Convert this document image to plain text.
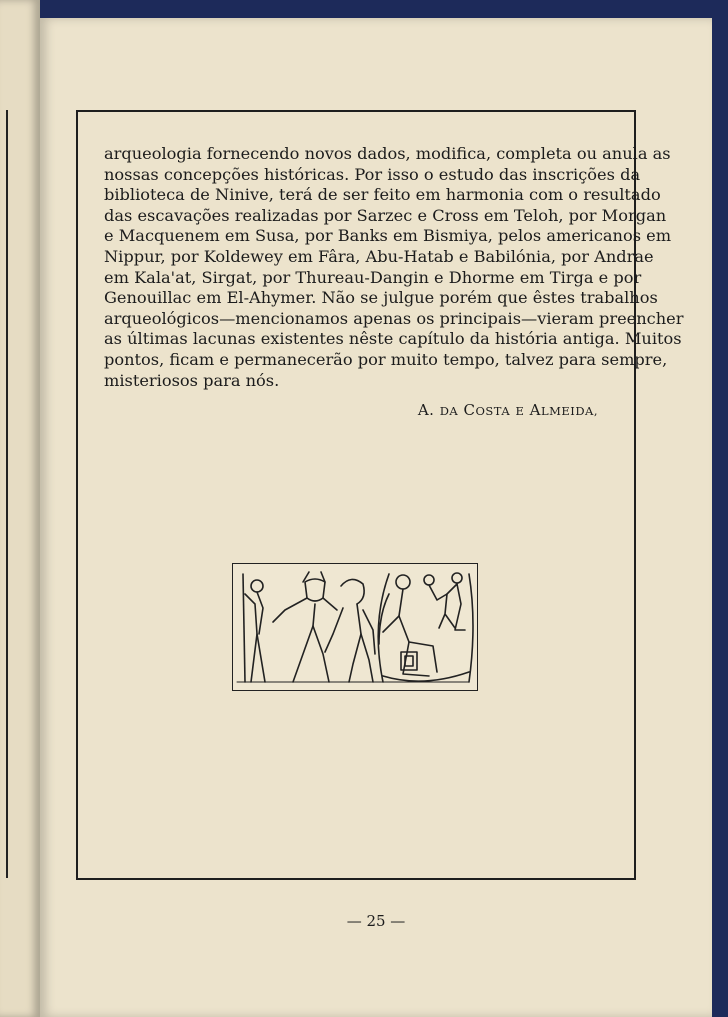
arqueologia fornecendo novos dados, modifica, completa ou anula as
nossas concepções históricas. Por isso o estudo das inscrições da
biblioteca de Ninive, terá de ser feito em harmonia com o resultado
das escavações realizadas por Sarzec e Cross em Teloh, por Morgan
e Macquenem em Susa, por Banks em Bismiya, pelos americanos em
Nippur, por Koldewey em Fâra, Abu-Hatab e Babilónia, por Andrae
em Kala'at, Sirgat, por Thureau-Dangin e Dhorme em Tirga e por
Genouillac em El-Ahymer. Não se julgue porém que êstes trabalhos
arqueológicos—mencionamos apenas os principais—vieram preencher
as últimas lacunas existentes nêste capítulo da história antiga. Muitos
pontos, ficam e permanecerão por muito tempo, talvez para sempre,
misteriosos para nós.

A. DA COSTA E ALMEIDA,
— 25 —
